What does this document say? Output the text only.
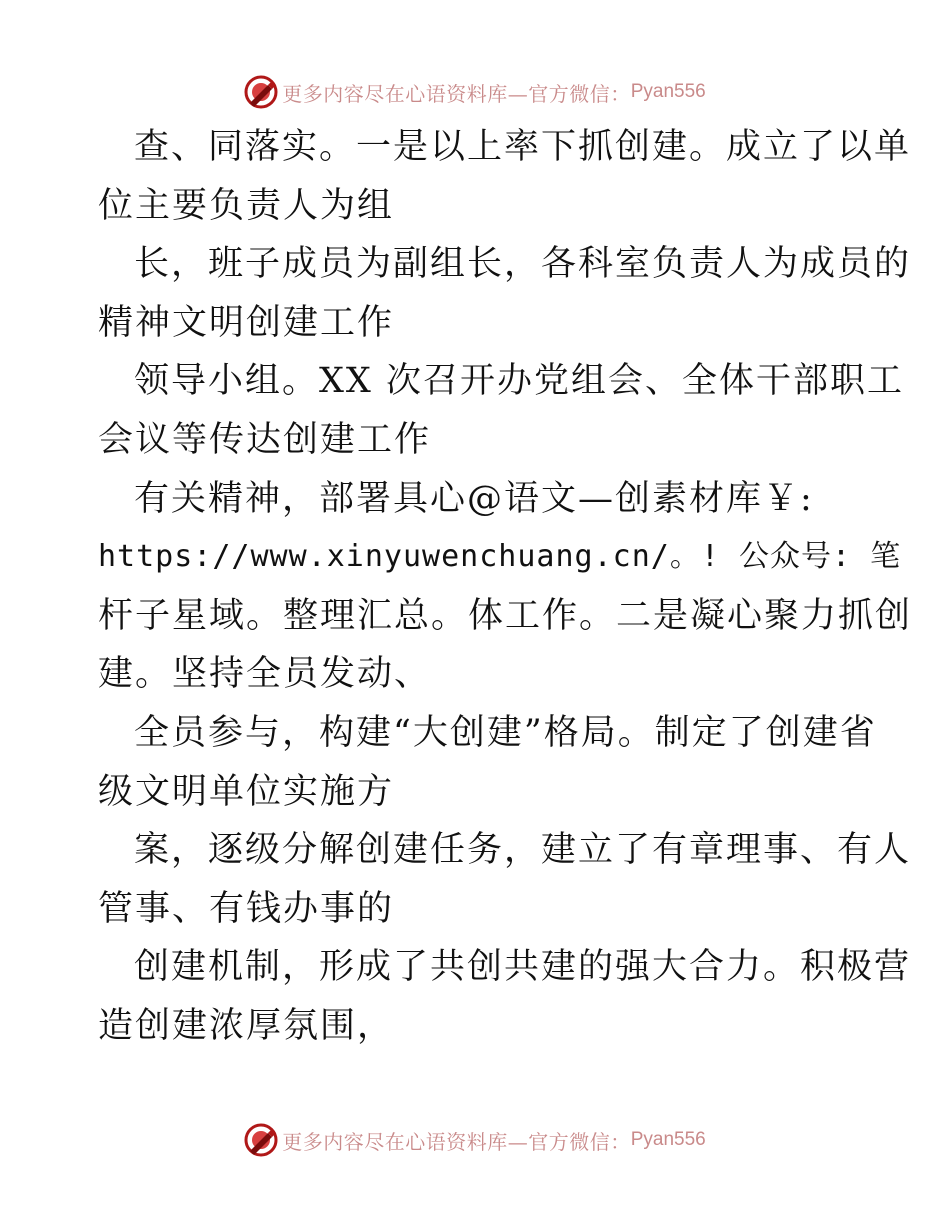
更多内容尽在心语资料库—官方微信： Pyan556
查、同落实。一是以上率下抓创建。成立了以单
位主要负责人为组
长，班子成员为副组长，各科室负责人为成员的
精神文明创建工作
领导小组。XX 次召开办党组会、全体干部职工
会议等传达创建工作
有关精神，部署具心@语文—创素材库￥:
https://www.xinyuwenchuang.cn/。! 公众号: 笔
杆子星域。整理汇总。体工作。二是凝心聚力抓创
建。坚持全员发动、
全员参与，构建“大创建”格局。制定了创建省
级文明单位实施方
案，逐级分解创建任务，建立了有章理事、有人
管事、有钱办事的
创建机制，形成了共创共建的强大合力。积极营
造创建浓厚氛围，
更多内容尽在心语资料库—官方微信： Pyan556
